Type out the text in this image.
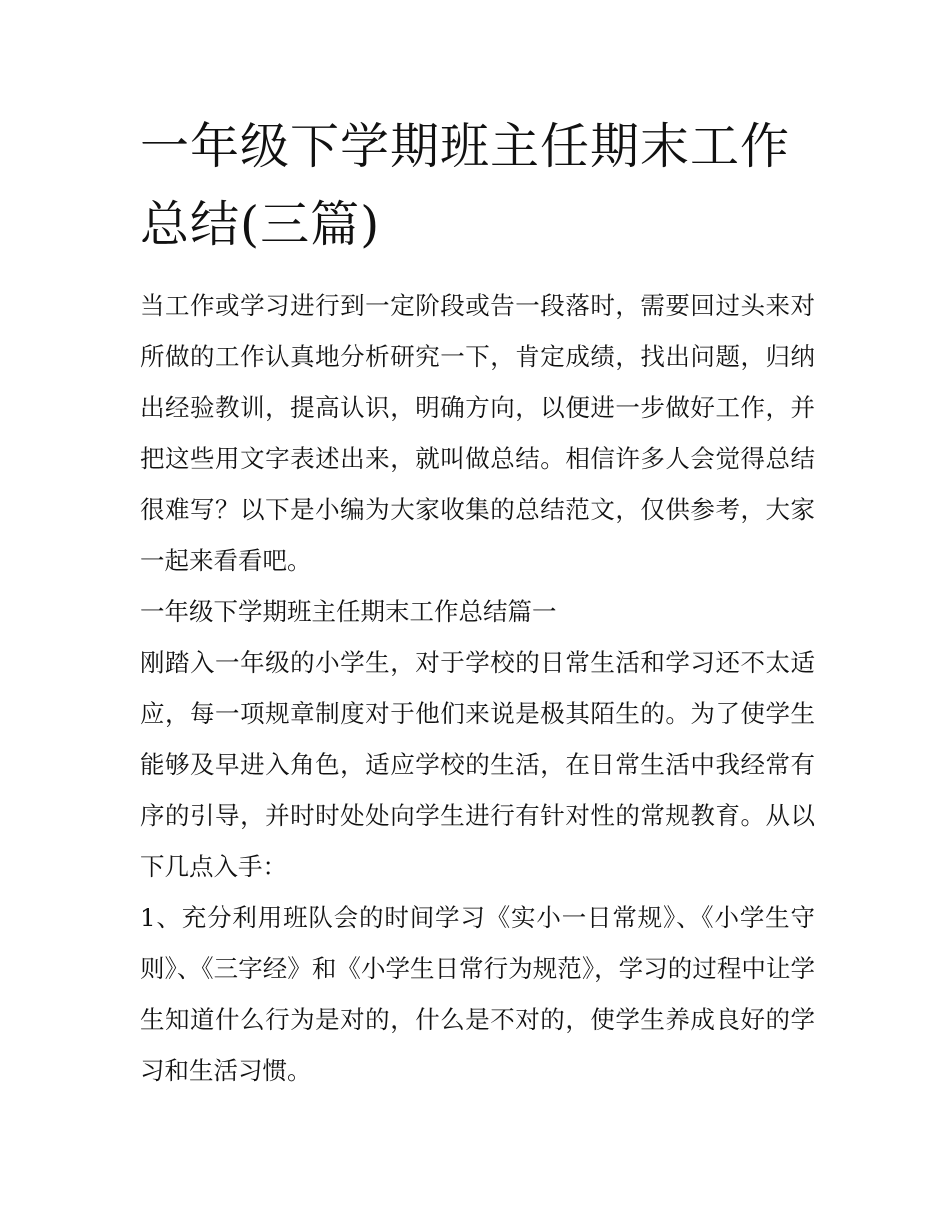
一年级下学期班主任期末工作总结(三篇)

当工作或学习进行到一定阶段或告一段落时，需要回过头来对所做的工作认真地分析研究一下，肯定成绩，找出问题，归纳出经验教训，提高认识，明确方向，以便进一步做好工作，并把这些用文字表述出来，就叫做总结。相信许多人会觉得总结很难写？以下是小编为大家收集的总结范文，仅供参考，大家一起来看看吧。

一年级下学期班主任期末工作总结篇一

刚踏入一年级的小学生，对于学校的日常生活和学习还不太适应，每一项规章制度对于他们来说是极其陌生的。为了使学生能够及早进入角色，适应学校的生活，在日常生活中我经常有序的引导，并时时处处向学生进行有针对性的常规教育。从以下几点入手：

1、充分利用班队会的时间学习《实小一日常规》、《小学生守则》、《三字经》和《小学生日常行为规范》，学习的过程中让学生知道什么行为是对的，什么是不对的，使学生养成良好的学习和生活习惯。
